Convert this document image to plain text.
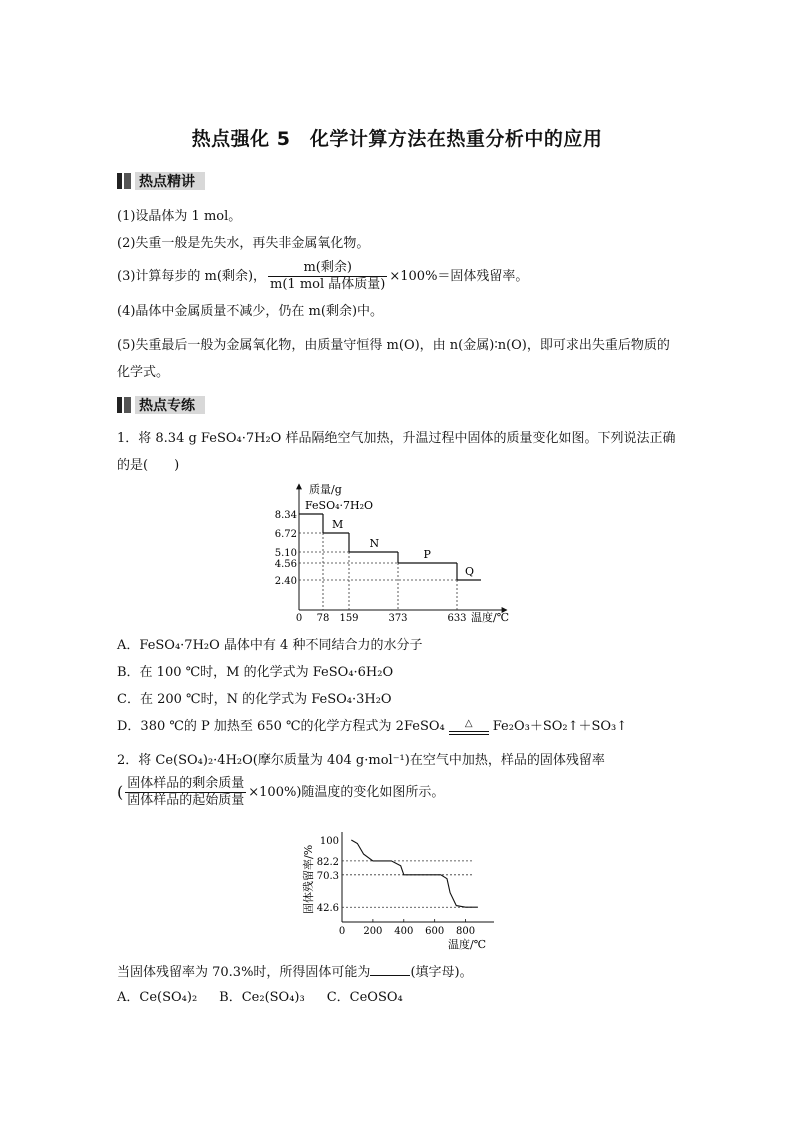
热点强化 5　化学计算方法在热重分析中的应用
热点精讲
(1)设晶体为 1 mol。
(2)失重一般是先失水，再失非金属氧化物。
(3)计算每步的 m(剩余)， $\frac{\text{m(剩余)}}{\text{m(1 mol 晶体质量)}} \times 100\%=$固体残留率。
(4)晶体中金属质量不减少，仍在 m(剩余)中。
(5)失重最后一般为金属氧化物，由质量守恒得 m(O)，由 n(金属)∶n(O)，即可求出失重后物质的化学式。
热点专练
1．将 8.34 g FeSO₄·7H₂O 样品隔绝空气加热，升温过程中固体的质量变化如图。下列说法正确的是(　　)
FeSO₄·7H₂O
M
N
P
Q
8.34
6.72
5.10
4.56
2.40
0 78 159	373	633
质量/g
温度/℃
A．FeSO₄·7H₂O 晶体中有 4 种不同结合力的水分子
B．在 100 ℃时，M 的化学式为 FeSO₄·6H₂O
C．在 200 ℃时，N 的化学式为 FeSO₄·3H₂O
D．380 ℃的 P 加热至 650 ℃的化学方程式为 2FeSO₄ △ Fe₂O₃＋SO₂↑＋SO₃↑
2．将 Ce(SO₄)₂·4H₂O(摩尔质量为 404 g·mol⁻¹)在空气中加热，样品的固体残留率
( $\frac{\text{固体样品的剩余质量}}{\text{固体样品的起始质量}} \times 100\%$)随温度的变化如图所示。
42.6
70.3
82.2
100
0 200 400 600 800
固体残留率/%
温度/℃
当固体残留率为 70.3%时，所得固体可能为	(填字母)。
A．Ce(SO₄)₂ B．Ce₂(SO₄)₃ C．CeOSO₄
